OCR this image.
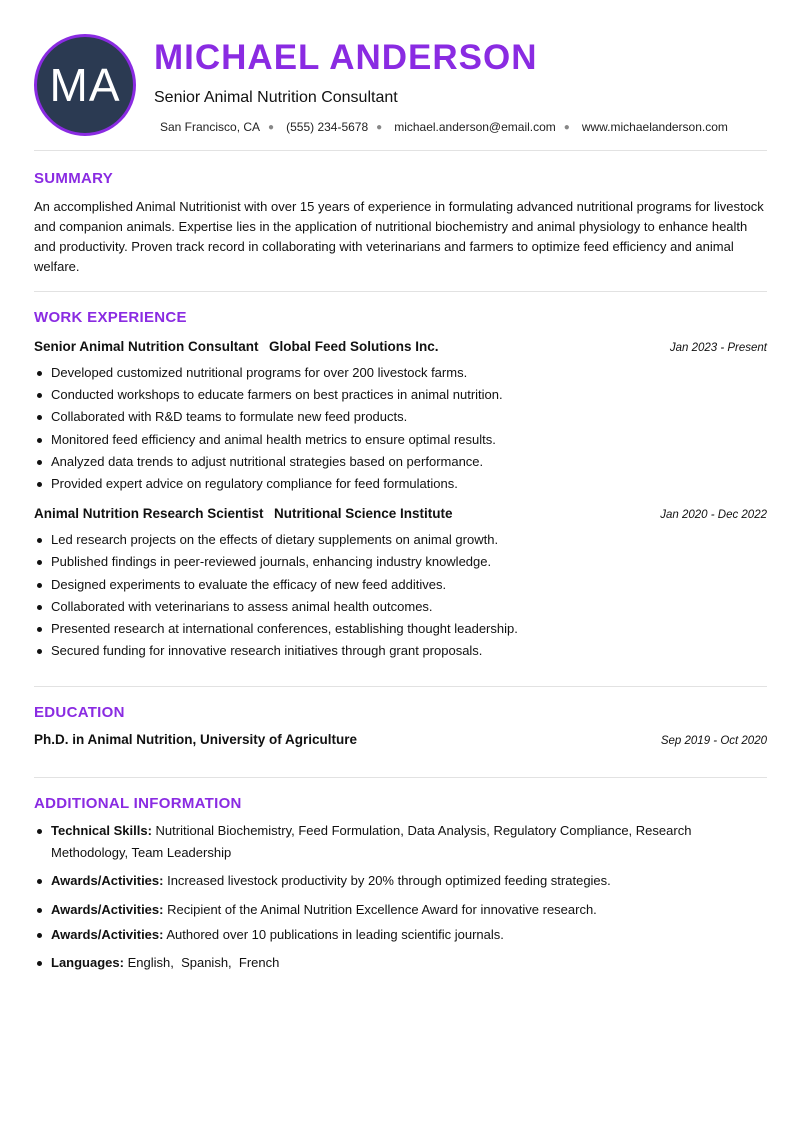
MA
MICHAEL ANDERSON
Senior Animal Nutrition Consultant
San Francisco, CA ● (555) 234-5678 ● michael.anderson@email.com ● www.michaelanderson.com
SUMMARY

An accomplished Animal Nutritionist with over 15 years of experience in formulating advanced nutritional programs for livestock and companion animals. Expertise lies in the application of nutritional biochemistry and animal physiology to enhance health and productivity. Proven track record in collaborating with veterinarians and farmers to optimize feed efficiency and animal welfare.

WORK EXPERIENCE
Senior Animal Nutrition Consultant Global Feed Solutions Inc.	Jan 2023 - Present
Developed customized nutritional programs for over 200 livestock farms.
Conducted workshops to educate farmers on best practices in animal nutrition.
Collaborated with R&D teams to formulate new feed products.
Monitored feed efficiency and animal health metrics to ensure optimal results.
Analyzed data trends to adjust nutritional strategies based on performance.
Provided expert advice on regulatory compliance for feed formulations.
Animal Nutrition Research Scientist Nutritional Science Institute	Jan 2020 - Dec 2022
Led research projects on the effects of dietary supplements on animal growth.
Published findings in peer-reviewed journals, enhancing industry knowledge.
Designed experiments to evaluate the efficacy of new feed additives.
Collaborated with veterinarians to assess animal health outcomes.
Presented research at international conferences, establishing thought leadership.
Secured funding for innovative research initiatives through grant proposals.
EDUCATION
Ph.D. in Animal Nutrition, University of Agriculture	Sep 2019 - Oct 2020
ADDITIONAL INFORMATION
Technical Skills: Nutritional Biochemistry, Feed Formulation, Data Analysis, Regulatory Compliance, Research Methodology, Team Leadership
Awards/Activities: Increased livestock productivity by 20% through optimized feeding strategies.
Awards/Activities: Recipient of the Animal Nutrition Excellence Award for innovative research.
Awards/Activities: Authored over 10 publications in leading scientific journals.
Languages: English,  Spanish,  French
